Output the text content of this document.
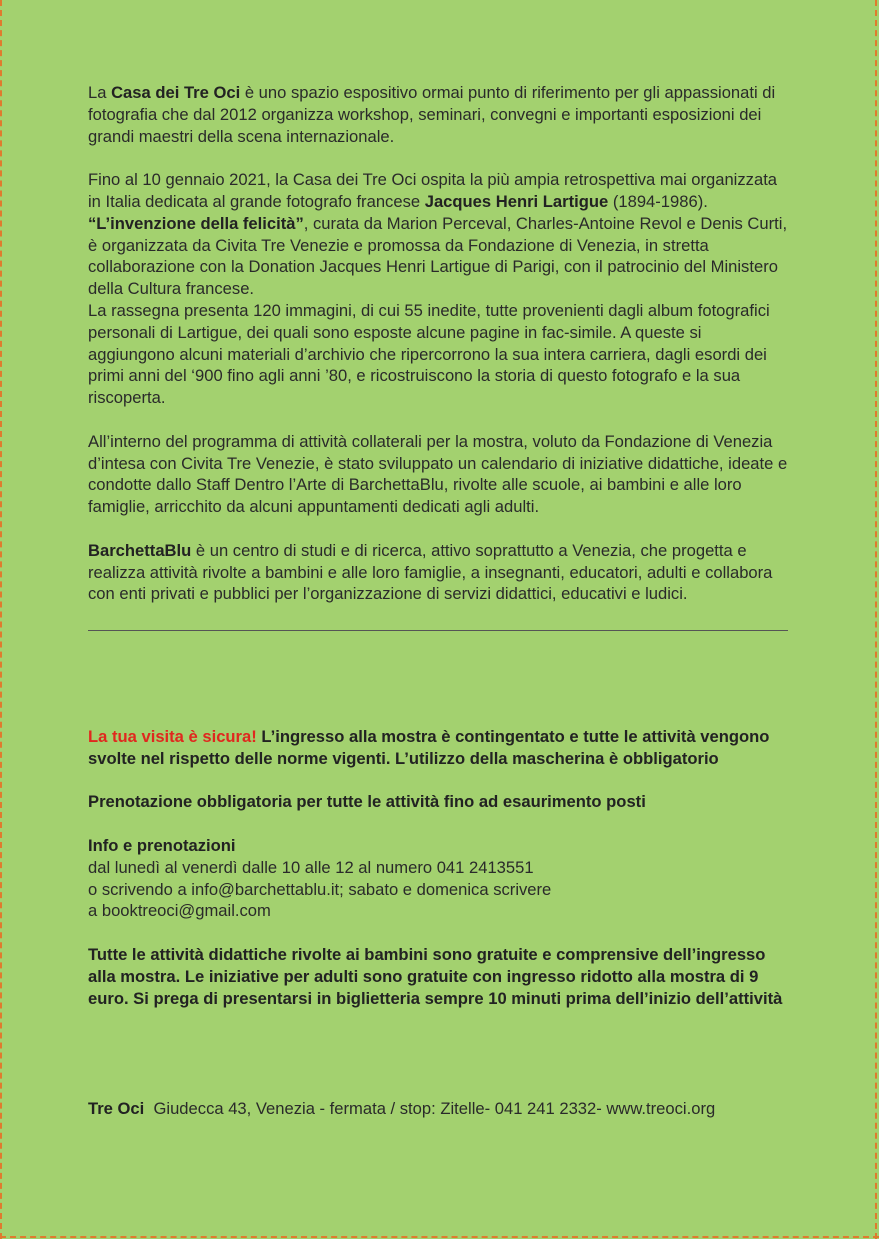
La Casa dei Tre Oci è uno spazio espositivo ormai punto di riferimento per gli appassionati di fotografia che dal 2012 organizza workshop, seminari, convegni e importanti esposizioni dei grandi maestri della scena internazionale.

Fino al 10 gennaio 2021, la Casa dei Tre Oci ospita la più ampia retrospettiva mai organizzata in Italia dedicata al grande fotografo francese Jacques Henri Lartigue (1894-1986).

“L’invenzione della felicità”, curata da Marion Perceval, Charles-Antoine Revol e Denis Curti, è organizzata da Civita Tre Venezie e promossa da Fondazione di Venezia, in stretta collaborazione con la Donation Jacques Henri Lartigue di Parigi, con il patrocinio del Ministero della Cultura francese.

La rassegna presenta 120 immagini, di cui 55 inedite, tutte provenienti dagli album fotografici personali di Lartigue, dei quali sono esposte alcune pagine in fac-simile. A queste si aggiungono alcuni materiali d’archivio che ripercorrono la sua intera carriera, dagli esordi dei primi anni del ‘900 fino agli anni ’80, e ricostruiscono la storia di questo fotografo e la sua riscoperta.

All’interno del programma di attività collaterali per la mostra, voluto da Fondazione di Venezia d’intesa con Civita Tre Venezie, è stato sviluppato un calendario di iniziative didattiche, ideate e condotte dallo Staff Dentro l’Arte di BarchettaBlu, rivolte alle scuole, ai bambini e alle loro famiglie, arricchito da alcuni appuntamenti dedicati agli adulti.

BarchettaBlu è un centro di studi e di ricerca, attivo soprattutto a Venezia, che progetta e realizza attività rivolte a bambini e alle loro famiglie, a insegnanti, educatori, adulti e collabora con enti privati e pubblici per l’organizzazione di servizi didattici, educativi e ludici.

La tua visita è sicura! L’ingresso alla mostra è contingentato e tutte le attività vengono svolte nel rispetto delle norme vigenti. L’utilizzo della mascherina è obbligatorio

Prenotazione obbligatoria per tutte le attività fino ad esaurimento posti

Info e prenotazioni

dal lunedì al venerdì dalle 10 alle 12 al numero 041 2413551

o scrivendo a info@barchettablu.it; sabato e domenica scrivere

a booktreoci@gmail.com

Tutte le attività didattiche rivolte ai bambini sono gratuite e comprensive dell’ingresso alla mostra. Le iniziative per adulti sono gratuite con ingresso ridotto alla mostra di 9 euro. Si prega di presentarsi in biglietteria sempre 10 minuti prima dell’inizio dell’attività

Tre Oci  Giudecca 43, Venezia - fermata / stop: Zitelle- 041 241 2332- www.treoci.org
